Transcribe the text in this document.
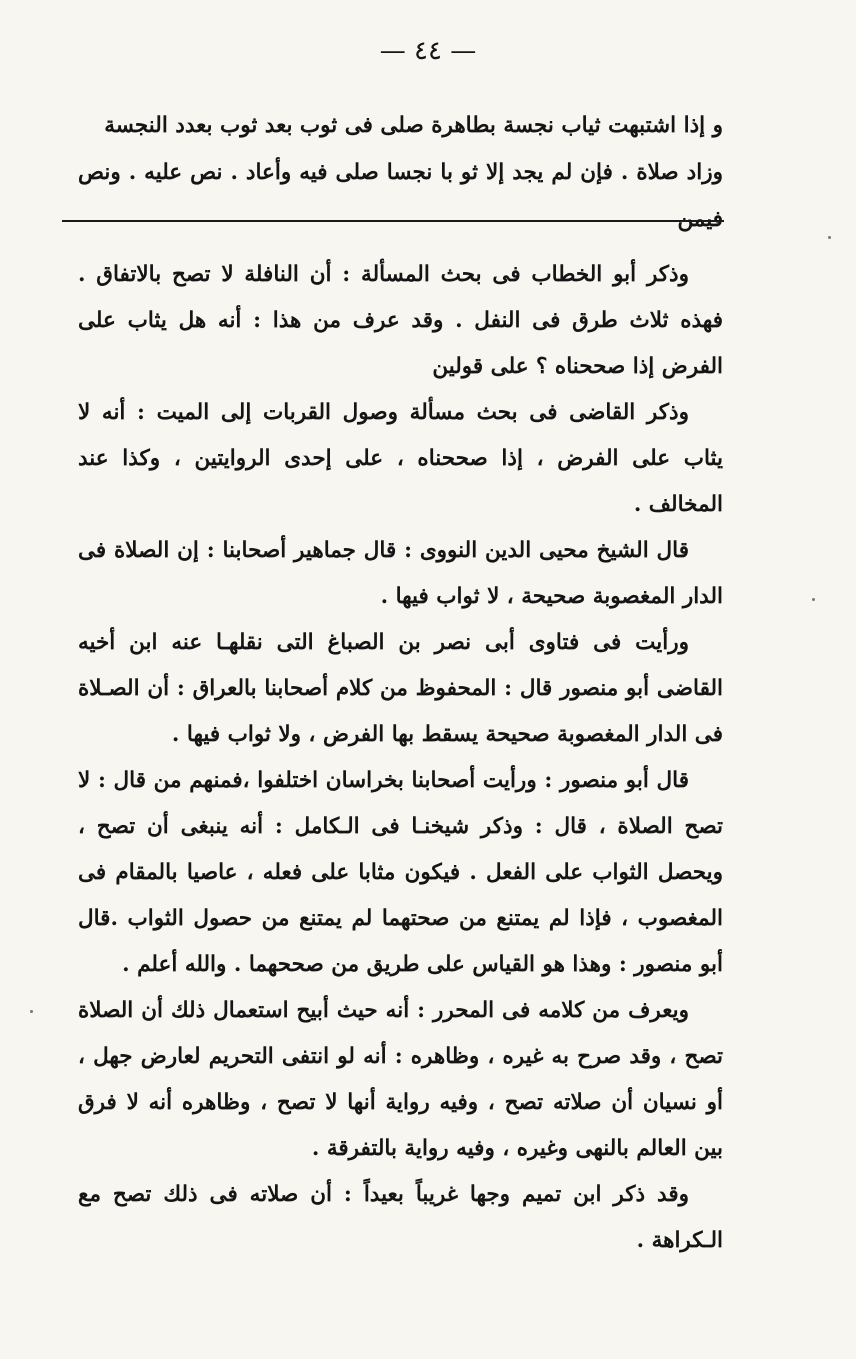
— ٤٤ —

و إذا اشتبهت ثياب نجسة بطاهرة صلى فى ثوب بعد ثوب بعدد النجسة

وزاد صلاة . فإن لم يجد إلا ثو با نجسا صلى فيه وأعاد . نص عليه . ونص فيمن

وذكر أبو الخطاب فى بحث المسألة : أن النافلة لا تصح بالاتفاق . فهذه ثلاث طرق فى النفل . وقد عرف من هذا : أنه هل يثاب على الفرض إذا صححناه ؟ على قولين

وذكر القاضى فى بحث مسألة وصول القربات إلى الميت : أنه لا يثاب على الفرض ، إذا صححناه ، على إحدى الروايتين ، وكذا عند المخالف .

قال الشيخ محيى الدين النووى : قال جماهير أصحابنا : إن الصلاة فى الدار المغصوبة صحيحة ، لا ثواب فيها .

ورأيت فى فتاوى أبى نصر بن الصباغ التى نقلهـا عنه ابن أخيه القاضى أبو منصور قال : المحفوظ من كلام أصحابنا بالعراق : أن الصـلاة فى الدار المغصوبة صحيحة يسقط بها الفرض ، ولا ثواب فيها .

قال أبو منصور : ورأيت أصحابنا بخراسان اختلفوا ،فمنهم من قال : لا تصح الصلاة ، قال : وذكر شيخنـا فى الـكامل : أنه ينبغى أن تصح ، ويحصل الثواب على الفعل . فيكون مثابا على فعله ، عاصيا بالمقام فى المغصوب ، فإذا لم يمتنع من صحتهما لم يمتنع من حصول الثواب .قال أبو منصور : وهذا هو القياس على طريق من صححهما . والله أعلم .

ويعرف من كلامه فى المحرر : أنه حيث أبيح استعمال ذلك أن الصلاة تصح ، وقد صرح به غيره ، وظاهره : أنه لو انتفى التحريم لعارض جهل ، أو نسيان أن صلاته تصح ، وفيه رواية أنها لا تصح ، وظاهره أنه لا فرق بين العالم بالنهى وغيره ، وفيه رواية بالتفرقة .

وقد ذكر ابن تميم وجها غريباً بعيداً : أن صلاته فى ذلك تصح مع الـكراهة .
